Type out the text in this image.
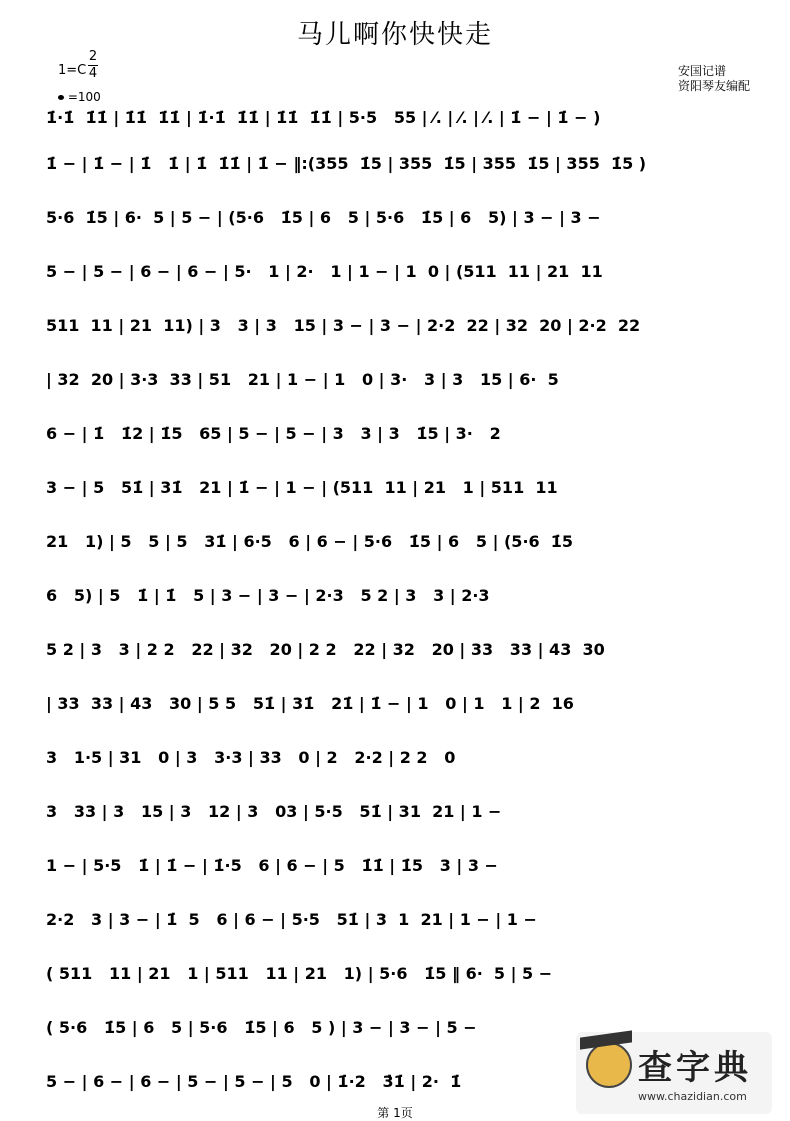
马儿啊你快快走
1=C
2
4
=100
安国记谱
资阳琴友编配
1̇·1̇  1̇1̇ | 1̇1̇  1̇1̇ | 1̇·1̇  1̇1̇ | 1̇1̇  1̇1̇ | 5·5   55 | ⁄. | ⁄. | ⁄. | 1̇ − | 1̇ − )
1̇ − | 1̇ − | 1̇   1̇ | 1̇  1̇1̇ | 1̇ − ‖:(355  1̇5 | 355  1̇5 | 355  1̇5 | 355  1̇5 )
5·6  1̇5 | 6·  5 | 5 − | (5·6   1̇5 | 6   5 | 5·6   1̇5 | 6   5) | 3 − | 3 −
5 − | 5 − | 6 − | 6 − | 5·   1 | 2·   1 | 1 − | 1  0 | (511  11 | 21  11
511  11 | 21  11) | 3   3 | 3   15 | 3 − | 3 − | 2·2  22 | 32  20 | 2·2  22
| 32  20 | 3·3  33 | 51   21 | 1 − | 1   0 | 3·   3 | 3   15 | 6·  5
6 − | 1̇   1̇2 | 1̇5   65 | 5 − | 5 − | 3   3 | 3   1̇5 | 3·   2
3 − | 5   51̇ | 31̇   21 | 1̇ − | 1 − | (511  11 | 21   1 | 511  11
21   1) | 5   5 | 5   31̇ | 6·5   6 | 6 − | 5·6   1̇5 | 6   5 | (5·6  1̇5
6   5) | 5   1̇ | 1̇   5 | 3 − | 3 − | 2·3   5 2 | 3   3 | 2·3
5 2 | 3   3 | 2 2   22 | 32   20 | 2 2   22 | 32   20 | 33   33 | 43  30
| 33  33 | 43   30 | 5 5   51̇ | 31̇   21̇ | 1̇ − | 1   0 | 1   1 | 2  16
3   1·5 | 31   0 | 3   3·3 | 33   0 | 2   2·2 | 2 2   0
3   33 | 3   15 | 3   12 | 3   03 | 5·5   51̇ | 31  21 | 1 −
1 − | 5·5   1̇ | 1̇ − | 1̇·5   6 | 6 − | 5   1̇1̇ | 1̇5   3 | 3 −
2·2   3 | 3 − | 1̇  5   6 | 6 − | 5·5   51̇ | 3  1  21 | 1 − | 1 −
( 511   11 | 21   1 | 511   11 | 21   1) | 5·6   1̇5 ‖ 6·  5 | 5 −
( 5·6   1̇5 | 6   5 | 5·6   1̇5 | 6   5 ) | 3 − | 3 − | 5 −
5 − | 6 − | 6 − | 5 − | 5 − | 5   0 | 1̇·2   3̇1̇ | 2·  1̇	查字典
www.chazidian.com
第 1页
